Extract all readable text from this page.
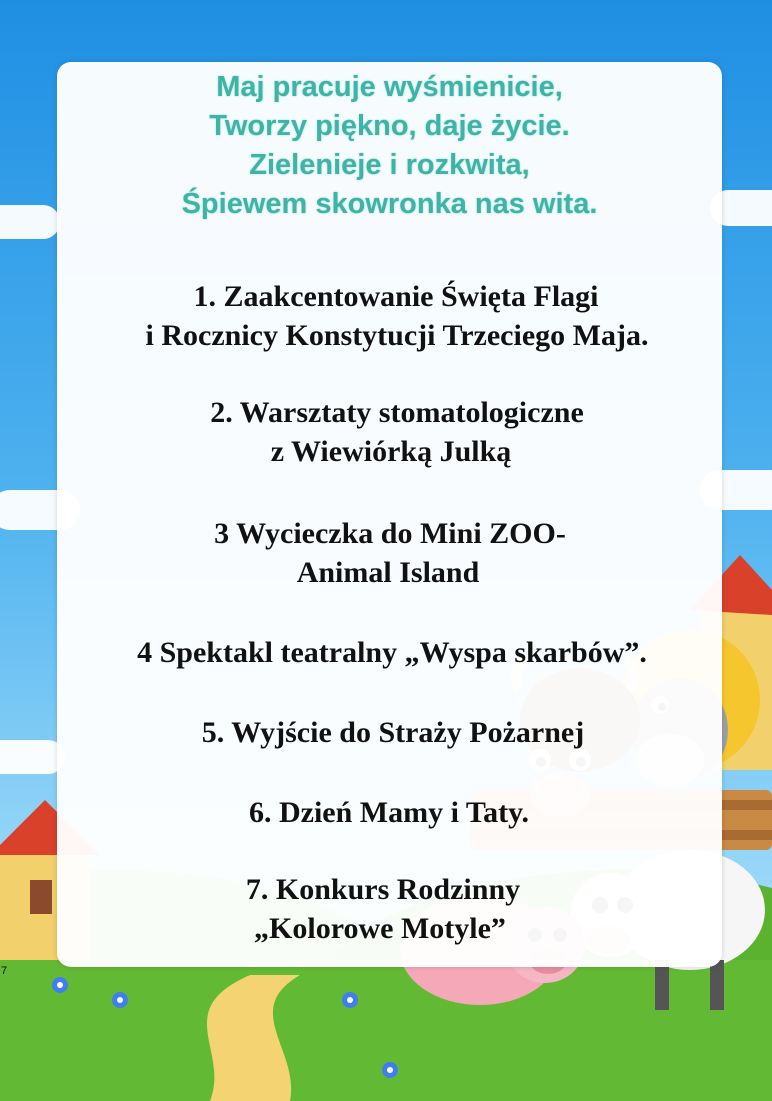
Maj pracuje wyśmienicie,
Tworzy piękno, daje życie.
Zielenieje i rozkwita,
Śpiewem skowronka nas wita.
1. Zaakcentowanie Święta Flagi
i Rocznicy Konstytucji Trzeciego Maja.
2. Warsztaty stomatologiczne
z Wiewiórką Julką
3 Wycieczka do Mini ZOO-
Animal Island
4 Spektakl teatralny „Wyspa skarbów”.
5. Wyjście do Straży Pożarnej
6. Dzień Mamy i Taty.
7. Konkurs Rodzinny
„Kolorowe Motyle”
7
